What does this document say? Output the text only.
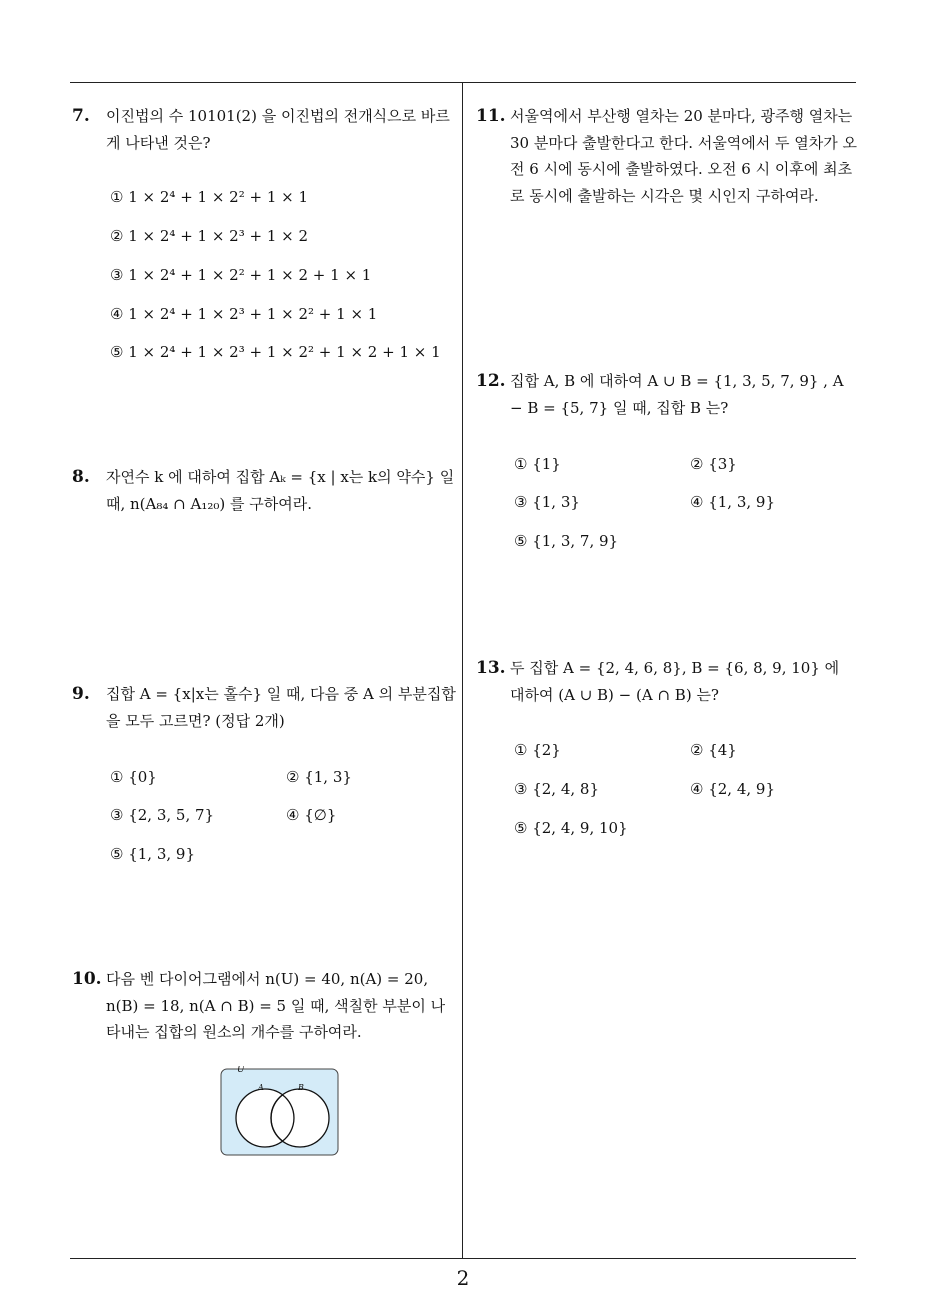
7. 이진법의 수 10101(2) 을 이진법의 전개식으로 바르게 나타낸 것은?
① 1 × 2⁴ + 1 × 2² + 1 × 1
② 1 × 2⁴ + 1 × 2³ + 1 × 2
③ 1 × 2⁴ + 1 × 2² + 1 × 2 + 1 × 1
④ 1 × 2⁴ + 1 × 2³ + 1 × 2² + 1 × 1
⑤ 1 × 2⁴ + 1 × 2³ + 1 × 2² + 1 × 2 + 1 × 1
8. 자연수 k 에 대하여 집합 Aₖ = {x | x는 k의 약수} 일 때, n(A₈₄ ∩ A₁₂₀) 를 구하여라.
9. 집합 A = {x|x는 홀수} 일 때, 다음 중 A 의 부분집합을 모두 고르면? (정답 2개)
① {0}	② {1, 3}
③ {2, 3, 5, 7}	④ {∅}
⑤ {1, 3, 9}
10. 다음 벤 다이어그램에서 n(U) = 40, n(A) = 20, n(B) = 18, n(A ∩ B) = 5 일 때, 색칠한 부분이 나타내는 집합의 원소의 개수를 구하여라.
U
A	B
11. 서울역에서 부산행 열차는 20 분마다, 광주행 열차는 30 분마다 출발한다고 한다. 서울역에서 두 열차가 오전 6 시에 동시에 출발하였다. 오전 6 시 이후에 최초로 동시에 출발하는 시각은 몇 시인지 구하여라.
12. 집합 A, B 에 대하여 A ∪ B = {1, 3, 5, 7, 9} , A − B = {5, 7} 일 때, 집합 B 는?
① {1}	② {3}
③ {1, 3}	④ {1, 3, 9}
⑤ {1, 3, 7, 9}
13. 두 집합 A = {2, 4, 6, 8}, B = {6, 8, 9, 10} 에 대하여 (A ∪ B) − (A ∩ B) 는?
① {2}	② {4}
③ {2, 4, 8}	④ {2, 4, 9}
⑤ {2, 4, 9, 10}
2
